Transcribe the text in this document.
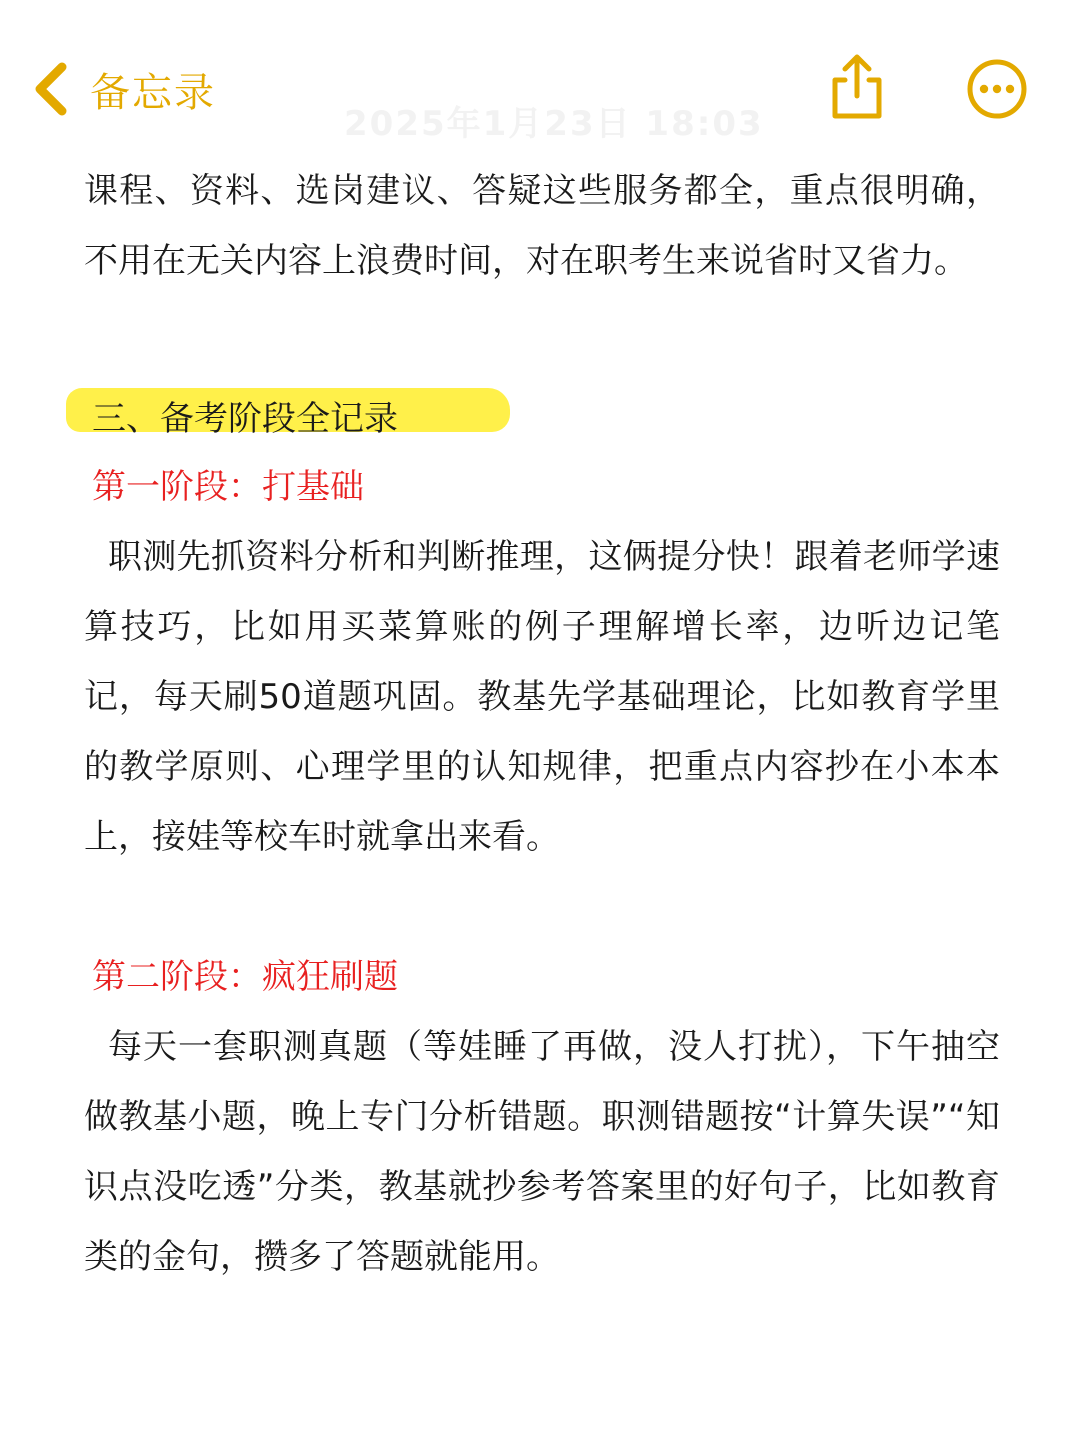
备忘录
2025年1月23日 18:03

课程、资料、选岗建议、答疑这些服务都全，重点很明确，不用在无关内容上浪费时间，对在职考生来说省时又省力。

三、备考阶段全记录

第一阶段：打基础

职测先抓资料分析和判断推理，这俩提分快！跟着老师学速算技巧，比如用买菜算账的例子理解增长率，边听边记笔记，每天刷50道题巩固。教基先学基础理论，比如教育学里的教学原则、心理学里的认知规律，把重点内容抄在小本本上，接娃等校车时就拿出来看。

第二阶段：疯狂刷题

每天一套职测真题（等娃睡了再做，没人打扰），下午抽空做教基小题，晚上专门分析错题。职测错题按“计算失误”“知识点没吃透”分类，教基就抄参考答案里的好句子，比如教育类的金句，攒多了答题就能用。
